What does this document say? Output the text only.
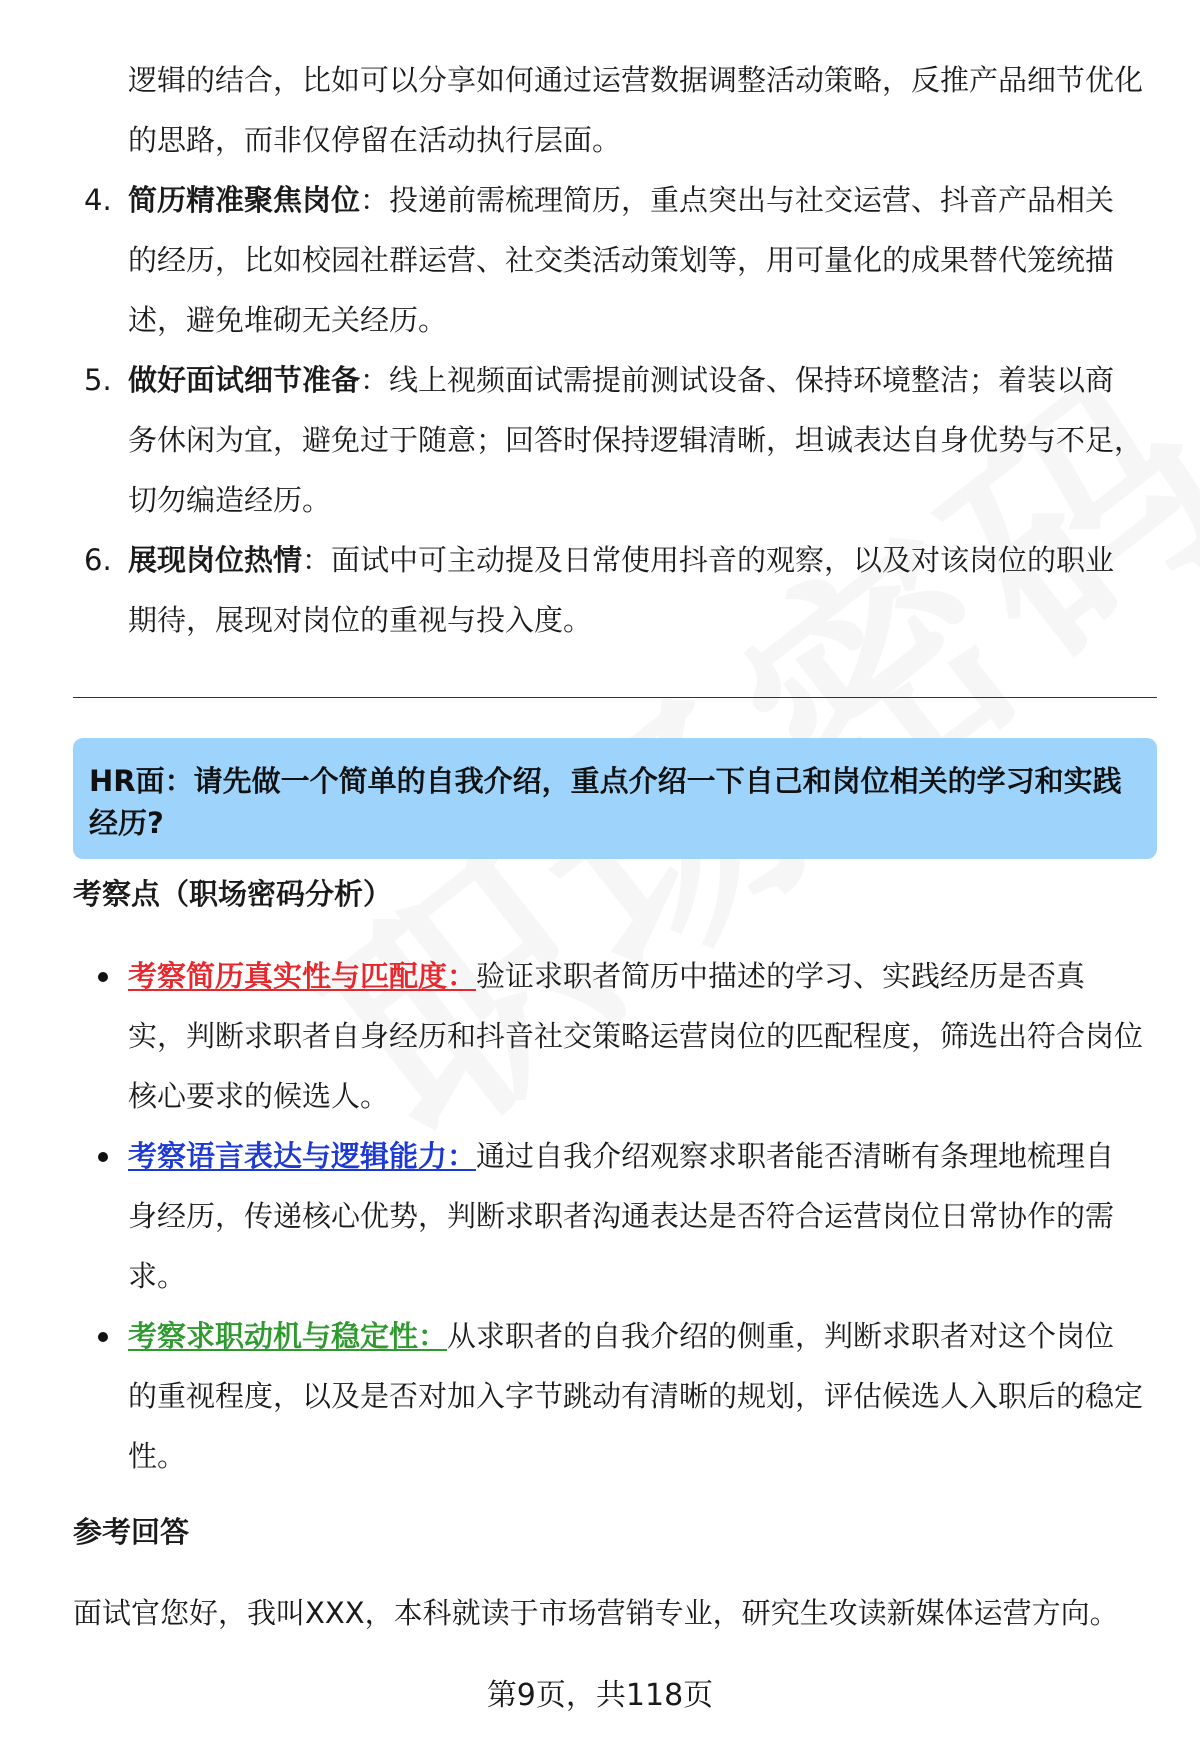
逻辑的结合，比如可以分享如何通过运营数据调整活动策略，反推产品细节优化的思路，而非仅停留在活动执行层面。
4. 简历精准聚焦岗位：投递前需梳理简历，重点突出与社交运营、抖音产品相关的经历，比如校园社群运营、社交类活动策划等，用可量化的成果替代笼统描述，避免堆砌无关经历。
5. 做好面试细节准备：线上视频面试需提前测试设备、保持环境整洁；着装以商务休闲为宜，避免过于随意；回答时保持逻辑清晰，坦诚表达自身优势与不足，切勿编造经历。
6. 展现岗位热情：面试中可主动提及日常使用抖音的观察，以及对该岗位的职业期待，展现对岗位的重视与投入度。
HR面：请先做一个简单的自我介绍，重点介绍一下自己和岗位相关的学习和实践经历?
考察点（职场密码分析）
考察简历真实性与匹配度：验证求职者简历中描述的学习、实践经历是否真实，判断求职者自身经历和抖音社交策略运营岗位的匹配程度，筛选出符合岗位核心要求的候选人。
考察语言表达与逻辑能力：通过自我介绍观察求职者能否清晰有条理地梳理自身经历，传递核心优势，判断求职者沟通表达是否符合运营岗位日常协作的需求。
考察求职动机与稳定性：从求职者的自我介绍的侧重，判断求职者对这个岗位的重视程度，以及是否对加入字节跳动有清晰的规划，评估候选人入职后的稳定性。
参考回答
面试官您好，我叫XXX，本科就读于市场营销专业，研究生攻读新媒体运营方向。
第9页，共118页
